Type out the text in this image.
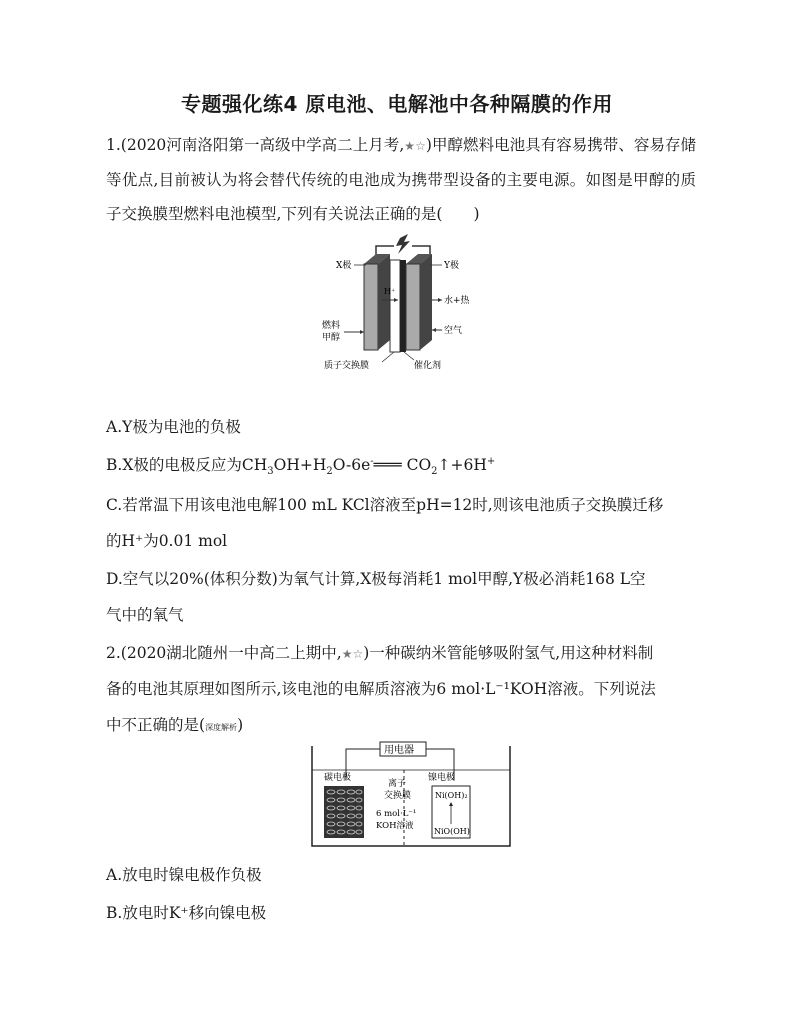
专题强化练4 原电池、电解池中各种隔膜的作用
1.(2020河南洛阳第一高级中学高二上月考,★☆)甲醇燃料电池具有容易携带、容易存储等优点,目前被认为将会替代传统的电池成为携带型设备的主要电源。如图是甲醇的质子交换膜型燃料电池模型,下列有关说法正确的是(　　)
X极	Y极
H⁺
水+热
空气
燃料
甲醇
质子交换膜	催化剂
A.Y极为电池的负极
B.X极的电极反应为$CH_3OH+H_2O-6e^-═══$ $CO_2↑+6H^+$
C.若常温下用该电池电解100 mL KCl溶液至pH=12时,则该电池质子交换膜迁移
的H⁺为0.01 mol
D.空气以20%(体积分数)为氧气计算,X极每消耗1 mol甲醇,Y极必消耗168 L空
气中的氧气
2.(2020湖北随州一中高二上期中,★☆)一种碳纳米管能够吸附氢气,用这种材料制
备的电池其原理如图所示,该电池的电解质溶液为6 mol·L⁻¹KOH溶液。下列说法
中不正确的是(深度解析)
用电器
碳电极
离子
交换膜
6 mol·L⁻¹
KOH溶液
镍电极
Ni(OH)₂
NiO(OH)
A.放电时镍电极作负极
B.放电时K⁺移向镍电极
